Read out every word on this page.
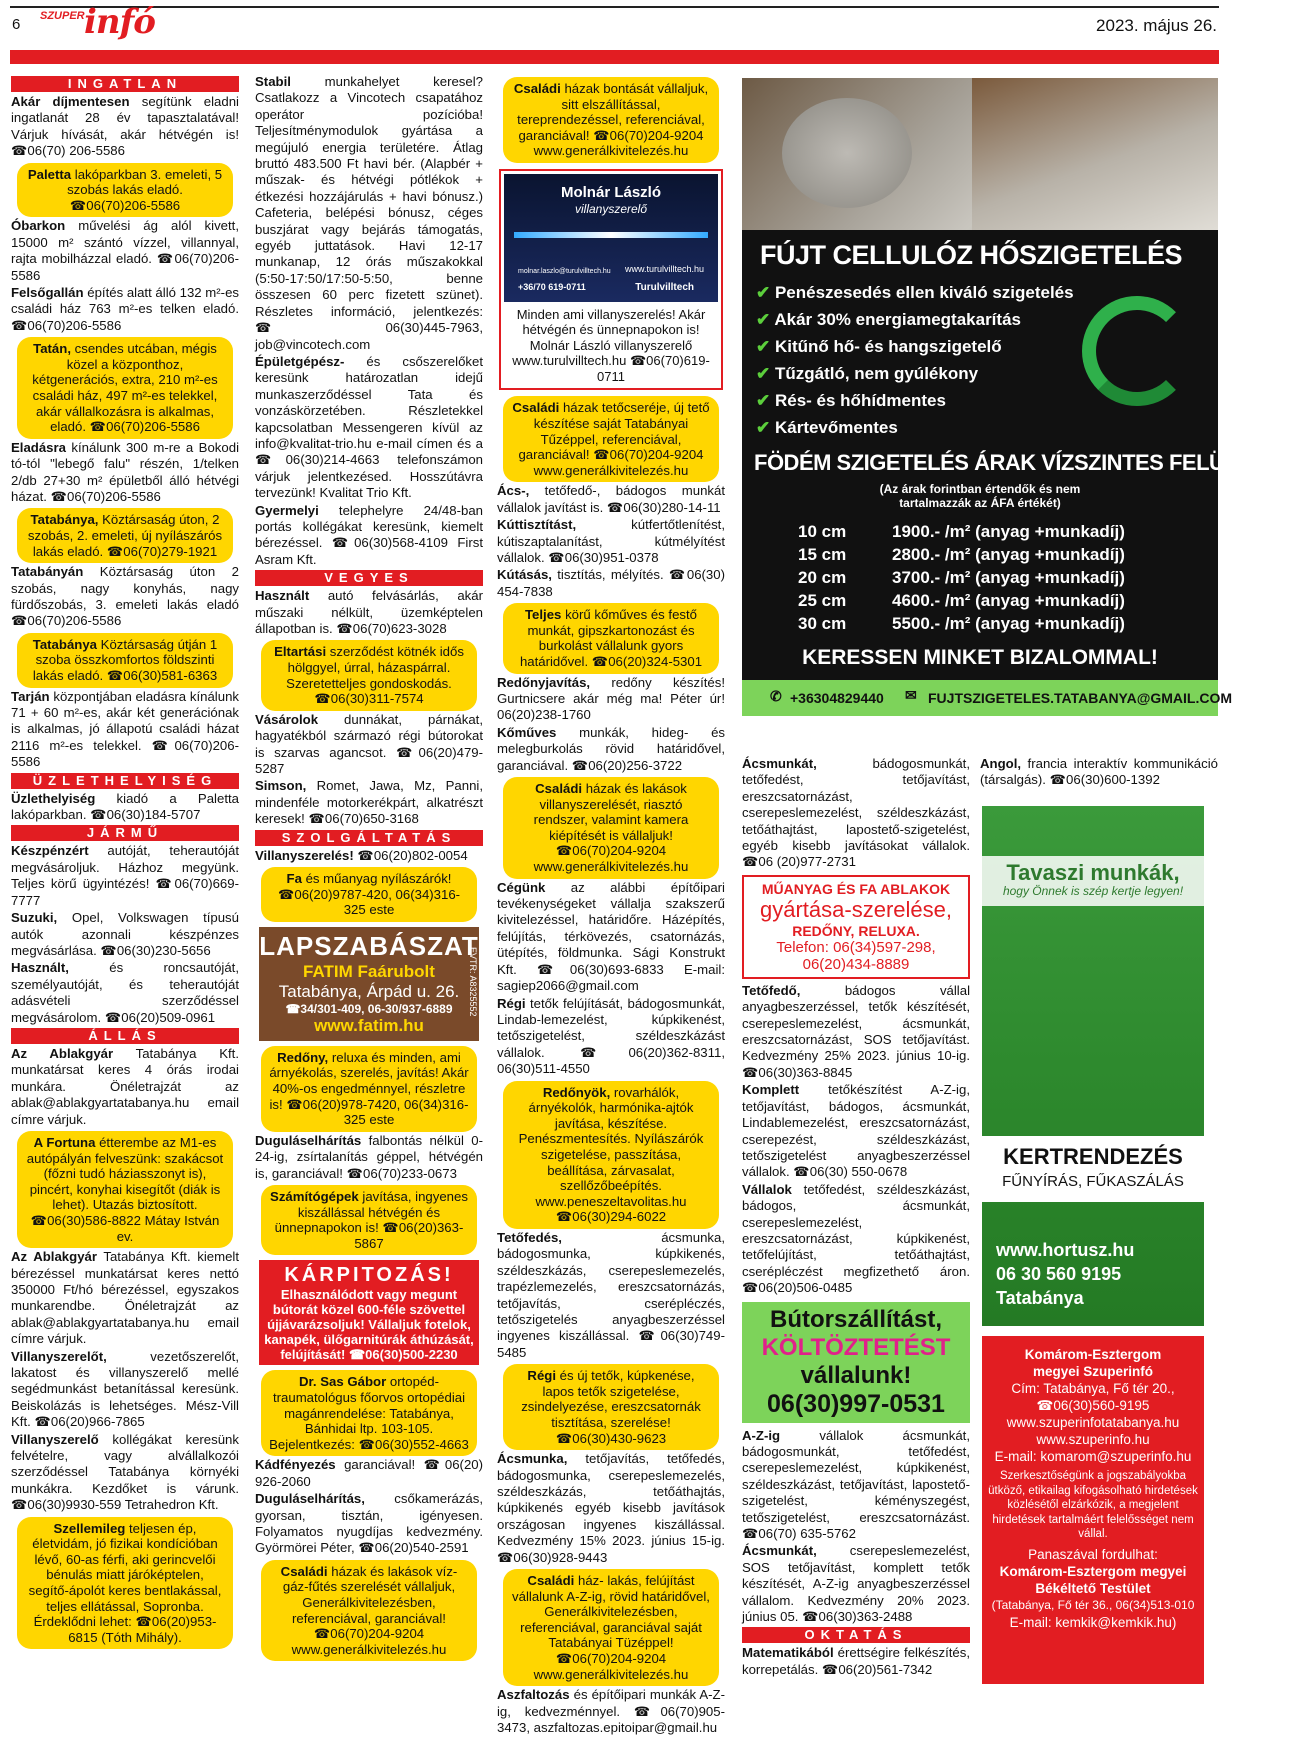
6 SZUPER infó	2023. május 26.
INGATLAN

Akár díjmentesen segítünk eladni ingatlanát 28 év tapasztalatával! Várjuk hívását, akár hétvégén is! ☎06(70) 206-5586

Paletta lakóparkban 3. emeleti, 5 szobás lakás eladó. ☎06(70)206-5586

Óbarkon művelési ág alól kivett, 15000 m² szántó vízzel, villannyal, rajta mobilházzal eladó. ☎06(70)206-5586

Felsőgallán építés alatt álló 132 m²-es családi ház 763 m²-es telken eladó. ☎06(70)206-5586

Tatán, csendes utcában, mégis közel a központhoz, kétgenerációs, extra, 210 m²-es családi ház, 497 m²-es telekkel, akár vállalkozásra is alkalmas, eladó. ☎06(70)206-5586

Eladásra kínálunk 300 m-re a Bokodi tó-tól "lebegő falu" részén, 1/telken 2/db 27+30 m² épületből álló hétvégi házat. ☎06(70)206-5586

Tatabánya, Köztársaság úton, 2 szobás, 2. emeleti, új nyílászárós lakás eladó. ☎06(70)279-1921

Tatabányán Köztársaság úton 2 szobás, nagy konyhás, nagy fürdőszobás, 3. emeleti lakás eladó ☎06(70)206-5586

Tatabánya Köztársaság útján 1 szoba összkomfortos földszinti lakás eladó. ☎06(30)581-6363

Tarján központjában eladásra kínálunk 71 + 60 m²-es, akár két generációnak is alkalmas, jó állapotú családi házat 2116 m²-es telekkel. ☎06(70)206-5586

ÜZLETHELYISÉG

Üzlethelyiség kiadó a Paletta lakóparkban. ☎06(30)184-5707

JÁRMŰ

Készpénzért autóját, teherautóját megvásároljuk. Házhoz megyünk. Teljes körű ügyintézés! ☎06(70)669-7777

Suzuki, Opel, Volkswagen típusú autók azonnali készpénzes megvásárlása. ☎06(30)230-5656

Használt, és roncsautóját, személyautóját, és teherautóját adásvételi szerződéssel megvásárolom. ☎06(20)509-0961

ÁLLÁS

Az Ablakgyár Tatabánya Kft. munkatársat keres 4 órás irodai munkára. Önéletrajzát az ablak@ablakgyartatabanya.hu email címre várjuk.

A Fortuna étterembe az M1-es autópályán felveszünk: szakácsot (főzni tudó háziasszonyt is), pincért, konyhai kisegítőt (diák is lehet). Utazás biztosított. ☎06(30)586-8822 Mátay István ev.

Az Ablakgyár Tatabánya Kft. kiemelt bérezéssel munkatársat keres nettó 350000 Ft/hó bérezéssel, egyszakos munkarendbe. Önéletrajzát az ablak@ablakgyartatabanya.hu email címre várjuk.

Villanyszerelőt, vezetőszerelőt, lakatost és villanyszerelő mellé segédmunkást betanítással keresünk. Beiskolázás is lehetséges. Mész-Vill Kft. ☎06(20)966-7865

Villanyszerelő kollégákat keresünk felvételre, vagy alvállalkozói szerződéssel Tatabánya környéki munkákra. Kezdőket is várunk. ☎06(30)9930-559 Tetrahedron Kft.

Szellemileg teljesen ép, életvidám, jó fizikai kondícióban lévő, 60-as férfi, aki gerincvelői bénulás miatt járóképtelen, segítő-ápolót keres bentlakással, teljes ellátással, Sopronba. Érdeklődni lehet: ☎06(20)953-6815 (Tóth Mihály).

Stabil munkahelyet keresel? Csatlakozz a Vincotech csapatához operátor pozícióba! Teljesítménymodulok gyártása a megújuló energia területére. Átlag bruttó 483.500 Ft havi bér. (Alapbér + műszak- és hétvégi pótlékok + étkezési hozzájárulás + havi bónusz.) Cafeteria, belépési bónusz, céges buszjárat vagy bejárás támogatás, egyéb juttatások. Havi 12-17 munkanap, 12 órás műszakokkal (5:50-17:50/17:50-5:50, benne összesen 60 perc fizetett szünet). Részletes információ, jelentkezés: ☎06(30)445-7963, job@vincotech.com

Épületgépész- és csőszerelőket keresünk határozatlan idejű munkaszerződéssel Tata és vonzáskörzetében. Részletekkel kapcsolatban Messengeren kívül az info@kvalitat-trio.hu e-mail címen és a ☎06(30)214-4663 telefonszámon várjuk jelentkezésed. Hosszútávra tervezünk! Kvalitat Trio Kft.

Gyermelyi telephelyre 24/48-ban portás kollégákat keresünk, kiemelt bérezéssel. ☎06(30)568-4109 First Asram Kft.

VEGYES

Használt autó felvásárlás, akár műszaki nélkült, üzemképtelen állapotban is. ☎06(70)623-3028

Eltartási szerződést kötnék idős hölggyel, úrral, házaspárral. Szeretetteljes gondoskodás. ☎06(30)311-7574

Vásárolok dunnákat, párnákat, hagyatékból származó régi bútorokat is szarvas agancsot. ☎06(20)479-5287

Simson, Romet, Jawa, Mz, Panni, mindenféle motorkerékpárt, alkatrészt keresek! ☎06(70)650-3168

SZOLGÁLTATÁS

Villanyszerelés! ☎06(20)802-0054

Fa és műanyag nyílászárók! ☎06(20)9787-420, 06(34)316-325 este

LAPSZABÁSZAT
FATIM Faárubolt
Tatabánya, Árpád u. 26.
☎34/301-409, 06-30/937-6889
www.fatim.hu
EVTR: A8325552

Redőny, reluxa és minden, ami árnyékolás, szerelés, javítás! Akár 40%-os engedménnyel, részletre is! ☎06(20)978-7420, 06(34)316-325 este

Duguláselhárítás falbontás nélkül 0-24-ig, zsírtalanítás géppel, hétvégén is, garanciával! ☎06(70)233-0673

Számítógépek javítása, ingyenes kiszállással hétvégén és ünnepnapokon is! ☎06(20)363-5867

KÁRPITOZÁS!
Elhasználódott vagy megunt bútorát közel 600-féle szövettel újjávarázsoljuk! Vállaljuk fotelok, kanapék, ülőgarnitúrák áthúzását, felújítását! ☎06(30)500-2230

Dr. Sas Gábor ortopéd-traumatológus főorvos ortopédiai magánrendelése: Tatabánya, Bánhidai ltp. 103-105. Bejelentkezés: ☎06(30)552-4663

Kádfényezés garanciával! ☎06(20) 926-2060

Duguláselhárítás, csőkamerázás, gyorsan, tisztán, igényesen. Folyamatos nyugdíjas kedvezmény. Györmörei Péter, ☎06(20)540-2591

Családi házak és lakások víz-gáz-fűtés szerelését vállaljuk, Generálkivitelezésben, referenciával, garanciával! ☎06(70)204-9204 www.generálkivitelezés.hu

Családi házak bontását vállaljuk, sitt elszállítással, tereprendezéssel, referenciával, garanciával! ☎06(70)204-9204 www.generálkivitelezés.hu

Molnár László
villanyszerelő
molnar.laszlo@turulvilltech.hu www.turulvilltech.hu
+36/70 619-0711	Turulvilltech
Minden ami villanyszerelés! Akár hétvégén és ünnepnapokon is! Molnár László villanyszerelő www.turulvilltech.hu ☎06(70)619-0711

Családi házak tetőcseréje, új tető készítése saját Tatabányai Tűzéppel, referenciával, garanciával! ☎06(70)204-9204 www.generálkivitelezés.hu

Ács-, tetőfedő-, bádogos munkát vállalok javítást is. ☎06(30)280-14-11

Kúttisztítást, kútfertőtlenítést, kútiszaptalanítást, kútmélyítést vállalok. ☎06(30)951-0378

Kútásás, tisztítás, mélyítés. ☎06(30) 454-7838

Teljes körű kőműves és festő munkát, gipszkartonozást és burkolást vállalunk gyors határidővel. ☎06(20)324-5301

Redőnyjavítás, redőny készítés! Gurtnicsere akár még ma! Péter úr! 06(20)238-1760

Kőműves munkák, hideg- és melegburkolás rövid határidővel, garanciával. ☎06(20)256-3722

Családi házak és lakások villanyszerelését, riasztó rendszer, valamint kamera kiépítését is vállaljuk! ☎06(70)204-9204 www.generálkivitelezés.hu

Cégünk az alábbi építőipari tevékenységeket vállalja szakszerű kivitelezéssel, határidőre. Házépítés, felújítás, térkövezés, csatornázás, ütépítés, földmunka. Sági Konstrukt Kft. ☎06(30)693-6833 E-mail: sagiep2066@gmail.com

Régi tetők felújítását, bádogosmunkát, Lindab-lemezelést, kúpkikenést, tetőszigetelést, széldeszkázást vállalok. ☎06(20)362-8311, 06(30)511-4550

Redőnyök, rovarhálók, árnyékolók, harmónika-ajtók javítása, készítése. Penészmentesítés. Nyílászárók szigetelése, passzítása, beállítása, zárvasalat, szellőzőbeépítés. www.peneszeltavolitas.hu ☎06(30)294-6022

Tetőfedés, ácsmunka, bádogosmunka, kúpkikenés, széldeszkázás, cserepeslemezelés, trapézlemezelés, ereszcsatornázás, tetőjavítás, cserépléczés, tetőszigetelés anyagbeszerzéssel ingyenes kiszállással. ☎06(30)749-5485

Régi és új tetők, kúpkenése, lapos tetők szigetelése, zsindelyezése, ereszcsatornák tisztítása, szerelése! ☎06(30)430-9623

Ácsmunka, tetőjavítás, tetőfedés, bádogosmunka, cserepeslemezelés, széldeszkázás, tetőáthajtás, kúpkikenés egyéb kisebb javítások országosan ingyenes kiszállással. Kedvezmény 15% 2023. június 15-ig. ☎06(30)928-9443

Családi ház- lakás, felújítást vállalunk A-Z-ig, rövid határidővel, Generálkivitelezésben, referenciával, garanciával saját Tatabányai Tüzéppel! ☎06(70)204-9204 www.generálkivitelezés.hu

Aszfaltozás és építőipari munkák A-Z-ig, kedvezménnyel. ☎06(70)905-3473, aszfaltozas.epitoipar@gmail.hu

Ácsmunkát, bádogosmunkát, tetőfedést, tetőjavítást, ereszcsatornázást, cserepeslemezelést, széldeszkázást, tetőáthajtást, lapostető-szigetelést, egyéb kisebb javításokat vállalok. ☎06 (20)977-2731

MŰANYAG ÉS FA ABLAKOK
gyártása-szerelése,
REDŐNY, RELUXA.
Telefon: 06(34)597-298,
06(20)434-8889

Tetőfedő, bádogos vállal anyagbeszerzéssel, tetők készítését, cserepeslemezelést, ácsmunkát, ereszcsatornázást, SOS tetőjavítást. Kedvezmény 25% 2023. június 10-ig. ☎06(30)363-8845

Komplett tetőkészítést A-Z-ig, tetőjavítást, bádogos, ácsmunkát, Lindablemezelést, ereszcsatornázást, cserepezést, széldeszkázást, tetőszigetelést anyagbeszerzéssel vállalok. ☎06(30) 550-0678

Vállalok tetőfedést, széldeszkázást, bádogos, ácsmunkát, cserepeslemezelést, ereszcsatornázást, kúpkikenést, tetőfelújítást, tetőáthajtást, cserépléczést megfizethető áron. ☎06(20)506-0485

Bútorszállítást,
KÖLTÖZTETÉST
vállalunk!
06(30)997-0531

A-Z-ig vállalok ácsmunkát, bádogosmunkát, tetőfedést, cserepeslemezelést, kúpkikenést, széldeszkázást, tetőjavítást, lapostető-szigetelést, kéményszegést, tetőszigetelést, ereszcsatornázást. ☎06(70) 635-5762

Ácsmunkát, cserepeslemezelést, SOS tetőjavítást, komplett tetők készítését, A-Z-ig anyagbeszerzéssel vállalom. Kedvezmény 20% 2023. június 05. ☎06(30)363-2488

OKTATÁS

Matematikából érettségire felkészítés, korrepetálás. ☎06(20)561-7342

FÚJT CELLULÓZ HŐSZIGETELÉS
✔ Penészesedés ellen kiváló szigetelés
✔ Akár 30% energiamegtakarítás
✔ Kitűnő hő- és hangszigetelő
✔ Tűzgátló, nem gyúlékony
✔ Rés- és hőhídmentes
✔ Kártevőmentes
FÖDÉM SZIGETELÉS ÁRAK VÍZSZINTES FELÜLETEN:
(Az árak forintban értendők és nem
tartalmazzák az ÁFA értékét)
10 cm	1900.- /m² (anyag +munkadíj)
15 cm	2800.- /m² (anyag +munkadíj)
20 cm	3700.- /m² (anyag +munkadíj)
25 cm	4600.- /m² (anyag +munkadíj)
30 cm	5500.- /m² (anyag +munkadíj)
KERESSEN MINKET BIZALOMMAL!
✆ +36304829440 ✉ FUJTSZIGETELES.TATABANYA@GMAIL.COM

Angol, francia interaktív kommunikáció (társalgás). ☎06(30)600-1392

Tavaszi munkák,
hogy Önnek is szép kertje legyen!
KERTRENDEZÉS
FŰNYÍRÁS, FŰKASZÁLÁS
www.hortusz.hu
06 30 560 9195
Tatabánya
Komárom-Esztergom
megyei Szuperinfó
Cím: Tatabánya, Fő tér 20.,
☎06(30)560-9195
www.szuperinfotatabanya.hu
www.szuperinfo.hu
E-mail: komarom@szuperinfo.hu
Szerkesztőségünk a jogszabályokba ütköző, etikailag kifogásolható hirdetések közlésétől elzárkózik, a megjelent hirdetések tartalmáért felelősséget nem vállal.
Panaszával fordulhat:
Komárom-Esztergom megyei Békéltető Testület
(Tatabánya, Fő tér 36., 06(34)513-010
E-mail: kemkik@kemkik.hu)
